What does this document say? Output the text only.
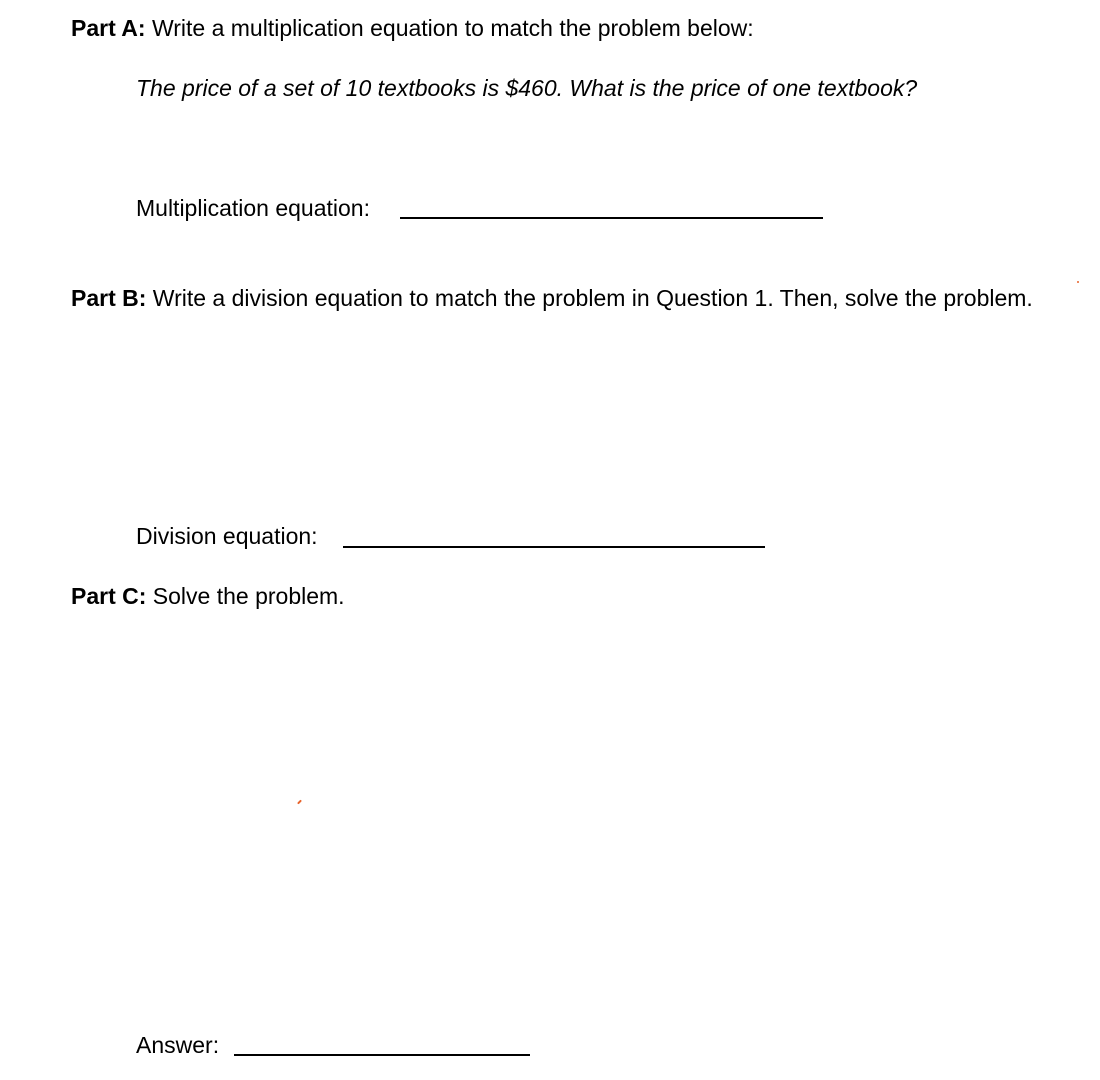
Part A: Write a multiplication equation to match the problem below:
The price of a set of 10 textbooks is $460. What is the price of one textbook?
Multiplication equation:
Part B: Write a division equation to match the problem in Question 1. Then, solve the problem.
Division equation:
Part C: Solve the problem.
Answer:
